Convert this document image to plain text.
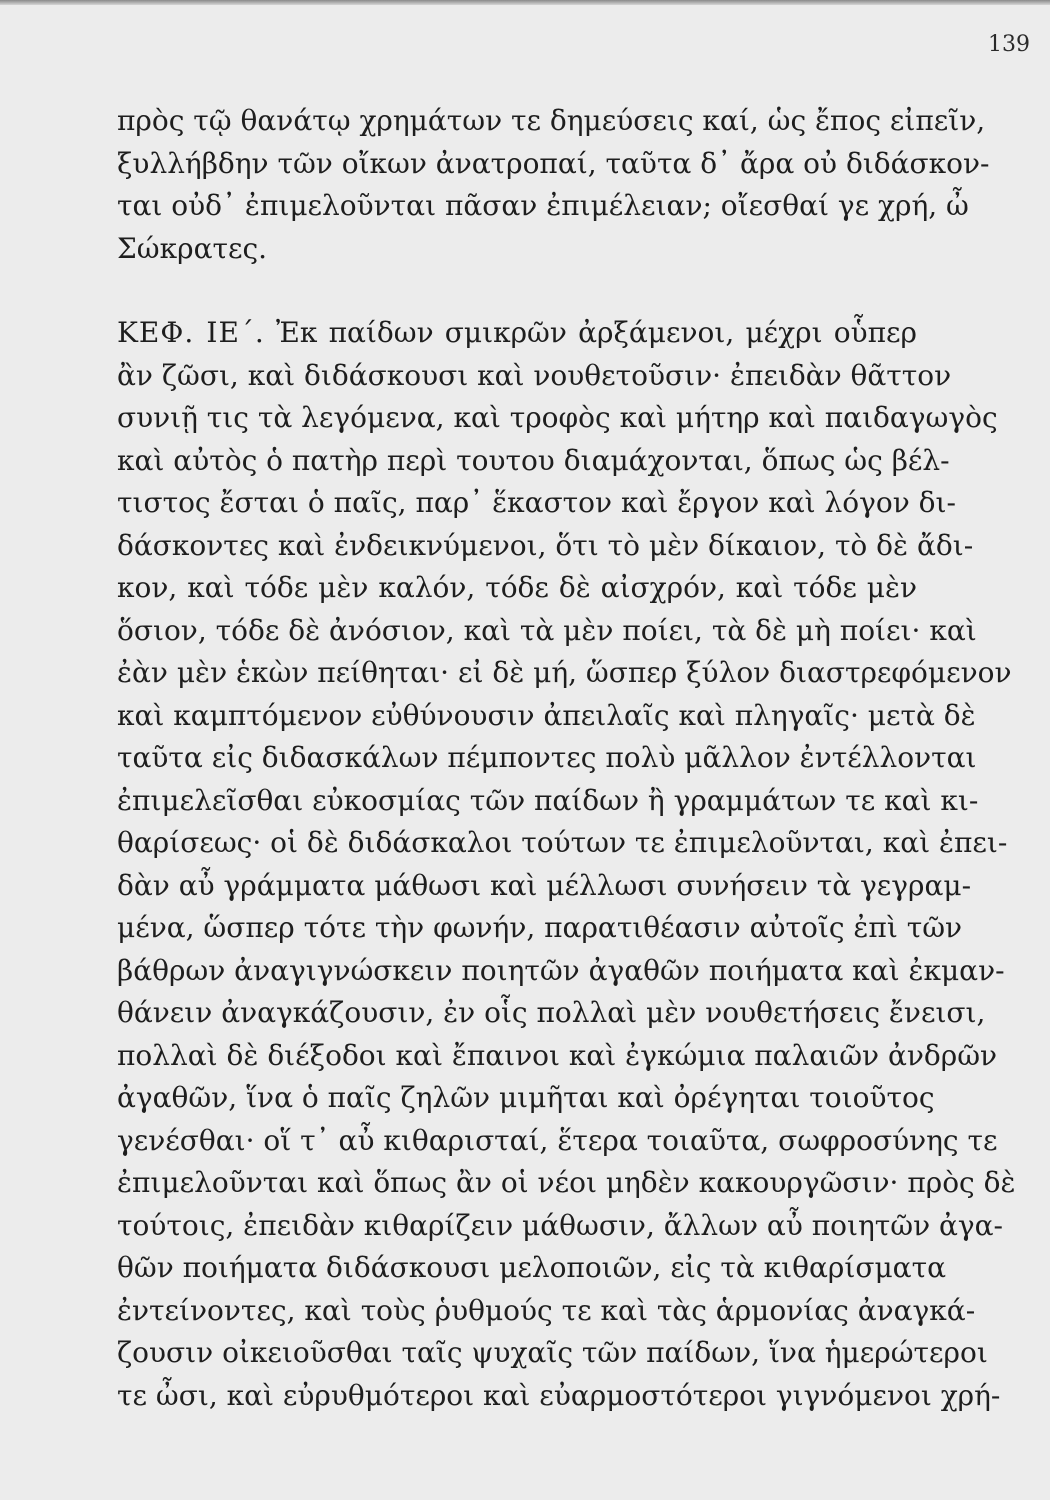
139
πρὸς τῷ θανάτῳ χρημάτων τε δημεύσεις καί, ὡς ἔπος εἰπεῖν,
ξυλλήβδην τῶν οἴκων ἀνατροπαί, ταῦτα δ᾽ ἄρα οὐ διδάσκον-
ται οὐδ᾽ ἐπιμελοῦνται πᾶσαν ἐπιμέλειαν; οἴεσθαί γε χρή, ὦ
Σώκρατες.
ΚΕΦ. ΙΕ΄. Ἐκ παίδων σμικρῶν ἀρξάμενοι, μέχρι οὗπερ
ἂν ζῶσι, καὶ διδάσκουσι καὶ νουθετοῦσιν· ἐπειδὰν θᾶττον
συνιῇ τις τὰ λεγόμενα, καὶ τροφὸς καὶ μήτηρ καὶ παιδαγωγὸς
καὶ αὐτὸς ὁ πατὴρ περὶ τουτου διαμάχονται, ὅπως ὡς βέλ-
τιστος ἔσται ὁ παῖς, παρ᾽ ἕκαστον καὶ ἔργον καὶ λόγον δι-
δάσκοντες καὶ ἐνδεικνύμενοι, ὅτι τὸ μὲν δίκαιον, τὸ δὲ ἄδι-
κον, καὶ τόδε μὲν καλόν, τόδε δὲ αἰσχρόν, καὶ τόδε μὲν
ὅσιον, τόδε δὲ ἀνόσιον, καὶ τὰ μὲν ποίει, τὰ δὲ μὴ ποίει· καὶ
ἐὰν μὲν ἑκὼν πείθηται· εἰ δὲ μή, ὥσπερ ξύλον διαστρεφόμενον
καὶ καμπτόμενον εὐθύνουσιν ἀπειλαῖς καὶ πληγαῖς· μετὰ δὲ
ταῦτα εἰς διδασκάλων πέμποντες πολὺ μᾶλλον ἐντέλλονται
ἐπιμελεῖσθαι εὐκοσμίας τῶν παίδων ἢ γραμμάτων τε καὶ κι-
θαρίσεως· οἱ δὲ διδάσκαλοι τούτων τε ἐπιμελοῦνται, καὶ ἐπει-
δὰν αὖ γράμματα μάθωσι καὶ μέλλωσι συνήσειν τὰ γεγραμ-
μένα, ὥσπερ τότε τὴν φωνήν, παρατιθέασιν αὐτοῖς ἐπὶ τῶν
βάθρων ἀναγιγνώσκειν ποιητῶν ἀγαθῶν ποιήματα καὶ ἐκμαν-
θάνειν ἀναγκάζουσιν, ἐν οἷς πολλαὶ μὲν νουθετήσεις ἔνεισι,
πολλαὶ δὲ διέξοδοι καὶ ἔπαινοι καὶ ἐγκώμια παλαιῶν ἀνδρῶν
ἀγαθῶν, ἵνα ὁ παῖς ζηλῶν μιμῆται καὶ ὀρέγηται τοιοῦτος
γενέσθαι· οἵ τ᾽ αὖ κιθαρισταί, ἕτερα τοιαῦτα, σωφροσύνης τε
ἐπιμελοῦνται καὶ ὅπως ἂν οἱ νέοι μηδὲν κακουργῶσιν· πρὸς δὲ
τούτοις, ἐπειδὰν κιθαρίζειν μάθωσιν, ἄλλων αὖ ποιητῶν ἀγα-
θῶν ποιήματα διδάσκουσι μελοποιῶν, εἰς τὰ κιθαρίσματα
ἐντείνοντες, καὶ τοὺς ῥυθμούς τε καὶ τὰς ἁρμονίας ἀναγκά-
ζουσιν οἰκειοῦσθαι ταῖς ψυχαῖς τῶν παίδων, ἵνα ἡμερώτεροι
τε ὦσι, καὶ εὐρυθμότεροι καὶ εὐαρμοστότεροι γιγνόμενοι χρή-
